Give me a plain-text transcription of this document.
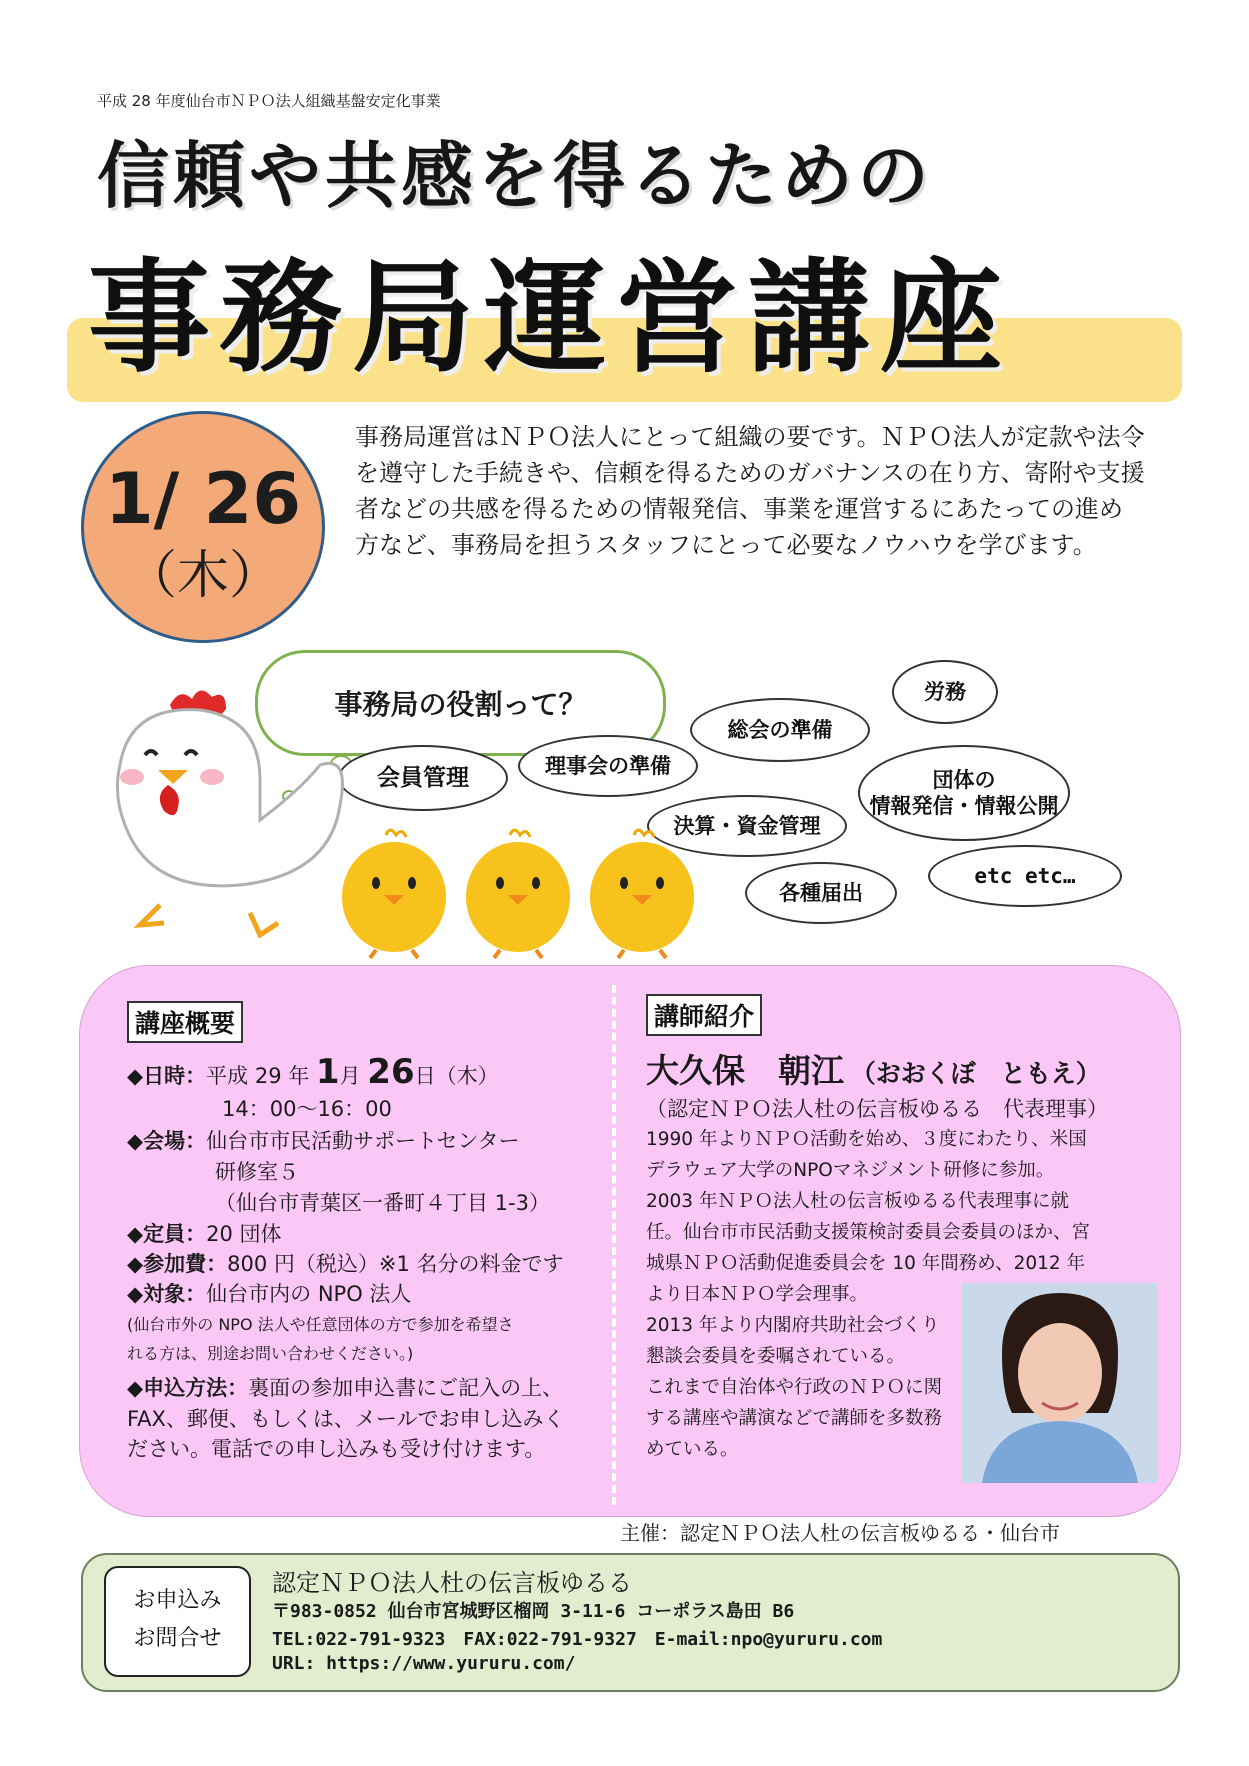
平成 28 年度仙台市ＮＰＯ法人組織基盤安定化事業
信頼や共感を得るための
事務局運営講座
1/ 26
（木）
事務局運営はＮＰＯ法人にとって組織の要です。ＮＰＯ法人が定款や法令を遵守した手続きや、信頼を得るためのガバナンスの在り方、寄附や支援者などの共感を得るための情報発信、事業を運営するにあたっての進め方など、事務局を担うスタッフにとって必要なノウハウを学びます。
事務局の役割って？
会員管理	理事会の準備
総会の準備
労務
団体の
情報発信・情報公開
決算・資金管理
各種届出
etc etc…
講座概要
◆日時：平成 29 年 1月 26日（木）
14：00〜16：00
◆会場：仙台市市民活動サポートセンター
研修室５
（仙台市青葉区一番町４丁目 1-3）
◆定員：20 団体
◆参加費：800 円（税込）※1 名分の料金です
◆対象：仙台市内の NPO 法人
(仙台市外の NPO 法人や任意団体の方で参加を希望さ
れる方は、別途お問い合わせください。)
◆申込方法：裏面の参加申込書にご記入の上、
FAX、郵便、もしくは、メールでお申し込みく
ださい。電話での申し込みも受け付けます。
講師紹介
大久保　朝江 （おおくぼ　ともえ）
（認定ＮＰＯ法人杜の伝言板ゆるる　代表理事）
1990 年よりＮＰＯ活動を始め、３度にわたり、米国
デラウェア大学のNPOマネジメント研修に参加。
2003 年ＮＰＯ法人杜の伝言板ゆるる代表理事に就
任。仙台市市民活動支援策検討委員会委員のほか、宮
城県ＮＰＯ活動促進委員会を 10 年間務め、2012 年
より日本ＮＰＯ学会理事。
2013 年より内閣府共助社会づくり
懇談会委員を委嘱されている。
これまで自治体や行政のＮＰＯに関
する講座や講演などで講師を多数務
めている。
主催：認定ＮＰＯ法人杜の伝言板ゆるる・仙台市
お申込み
お問合せ
認定ＮＰＯ法人杜の伝言板ゆるる
〒983-0852 仙台市宮城野区榴岡 3-11-6 コーポラス島田 B6
TEL:022-791-9323　FAX:022-791-9327　E-mail:npo@yururu.com
URL: https://www.yururu.com/
